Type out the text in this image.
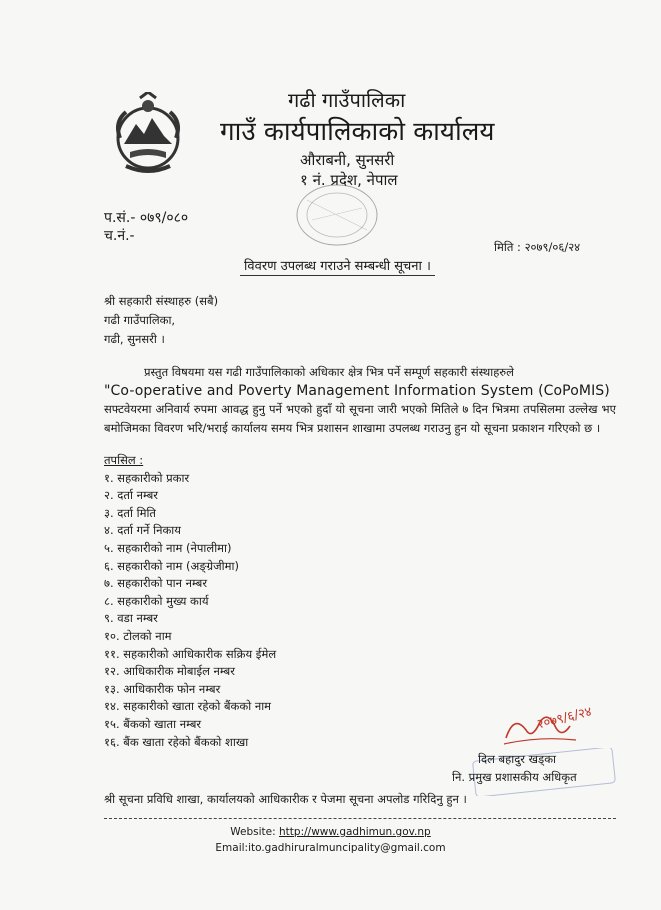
गढी गाउँपालिका
गाउँ कार्यपालिकाको कार्यालय
औराबनी, सुनसरी
१ नं. प्रदेश, नेपाल
प.सं.- ०७९/०८०
च.नं.-
मिति : २०७९/०६/२४
विवरण उपलब्ध गराउने सम्बन्धी सूचना ।
श्री सहकारी संस्थाहरु (सबै)
गढी गाउँपालिका,
गढी, सुनसरी ।
प्रस्तुत विषयमा यस गढी गाउँपालिकाको अधिकार क्षेत्र भित्र पर्ने सम्पूर्ण सहकारी संस्थाहरुले
"Co-operative and Poverty Management Information System (CoPoMIS)
सफ्टवेयरमा अनिवार्य रुपमा आवद्ध हुनु पर्ने भएको हुदाँ यो सूचना जारी भएको मितिले ७ दिन भित्रमा तपसिलमा उल्लेख भए बमोजिमका विवरण भरि/भराई कार्यालय समय भित्र प्रशासन शाखामा उपलब्ध गराउनु हुन यो सूचना प्रकाशन गरिएको छ ।
तपसिल :
१. सहकारीको प्रकार
२. दर्ता नम्बर
३. दर्ता मिति
४. दर्ता गर्ने निकाय
५. सहकारीको नाम (नेपालीमा)
६. सहकारीको नाम (अङ्ग्रेजीमा)
७. सहकारीको पान नम्बर
८. सहकारीको मुख्य कार्य
९. वडा नम्बर
१०. टोलको नाम
११. सहकारीको आधिकारीक सक्रिय ईमेल
१२. आधिकारीक मोबाईल नम्बर
१३. आधिकारीक फोन नम्बर
१४. सहकारीको खाता रहेको बैंकको नाम
१५. बैंकको खाता नम्बर
१६. बैंक खाता रहेको बैंकको शाखा
२०७९/६/२४
दिल बहादुर खड्का
नि. प्रमुख प्रशासकीय अधिकृत
श्री सूचना प्रविधि शाखा, कार्यालयको आधिकारीक र पेजमा सूचना अपलोड गरिदिनु हुन ।
Website: http://www.gadhimun.gov.np
Email:ito.gadhiruralmuncipality@gmail.com
